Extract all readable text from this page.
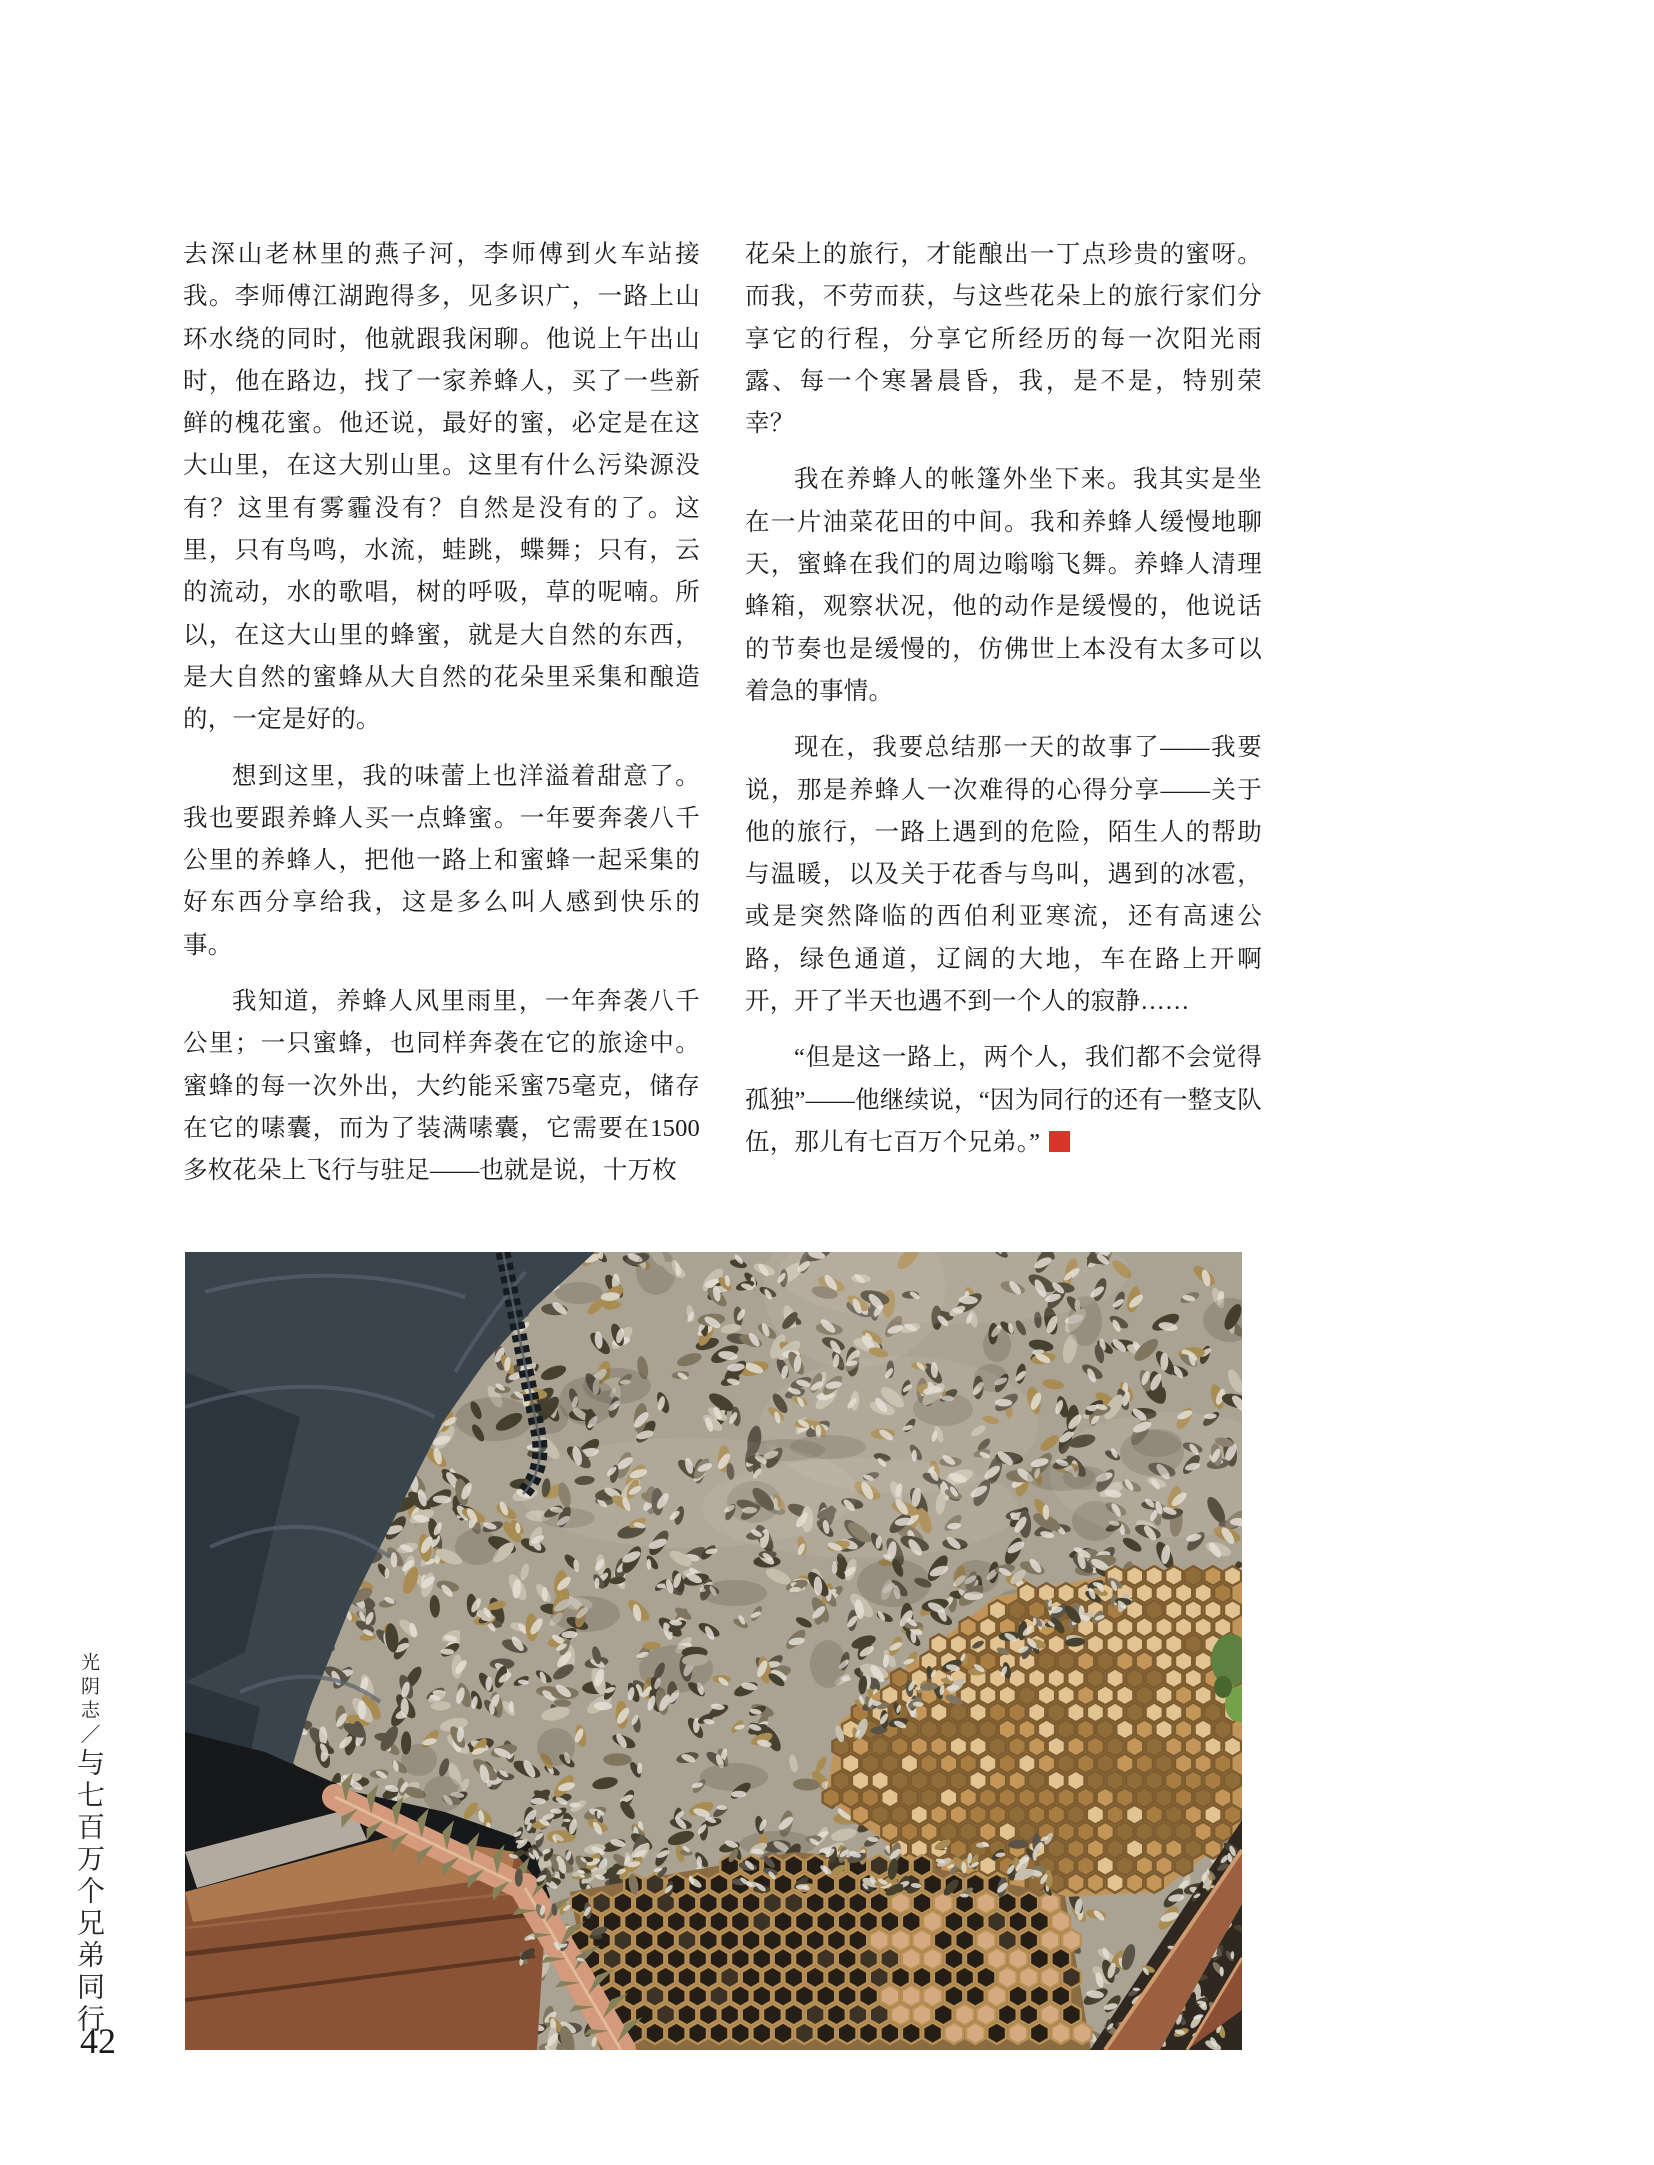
光阴志／与七百万个兄弟同行
42

去深山老林里的燕子河，李师傅到火车站接我。李师傅江湖跑得多，见多识广，一路上山环水绕的同时，他就跟我闲聊。他说上午出山时，他在路边，找了一家养蜂人，买了一些新鲜的槐花蜜。他还说，最好的蜜，必定是在这大山里，在这大别山里。这里有什么污染源没有？这里有雾霾没有？自然是没有的了。这里，只有鸟鸣，水流，蛙跳，蝶舞；只有，云的流动，水的歌唱，树的呼吸，草的呢喃。所以，在这大山里的蜂蜜，就是大自然的东西，是大自然的蜜蜂从大自然的花朵里采集和酿造的，一定是好的。

想到这里，我的味蕾上也洋溢着甜意了。我也要跟养蜂人买一点蜂蜜。一年要奔袭八千公里的养蜂人，把他一路上和蜜蜂一起采集的好东西分享给我，这是多么叫人感到快乐的事。

我知道，养蜂人风里雨里，一年奔袭八千公里；一只蜜蜂，也同样奔袭在它的旅途中。蜜蜂的每一次外出，大约能采蜜75毫克，储存在它的嗉囊，而为了装满嗉囊，它需要在1500多枚花朵上飞行与驻足——也就是说，十万枚

花朵上的旅行，才能酿出一丁点珍贵的蜜呀。而我，不劳而获，与这些花朵上的旅行家们分享它的行程，分享它所经历的每一次阳光雨露、每一个寒暑晨昏，我，是不是，特别荣幸？

我在养蜂人的帐篷外坐下来。我其实是坐在一片油菜花田的中间。我和养蜂人缓慢地聊天，蜜蜂在我们的周边嗡嗡飞舞。养蜂人清理蜂箱，观察状况，他的动作是缓慢的，他说话的节奏也是缓慢的，仿佛世上本没有太多可以着急的事情。

现在，我要总结那一天的故事了——我要说，那是养蜂人一次难得的心得分享——关于他的旅行，一路上遇到的危险，陌生人的帮助与温暖，以及关于花香与鸟叫，遇到的冰雹，或是突然降临的西伯利亚寒流，还有高速公路，绿色通道，辽阔的大地，车在路上开啊开，开了半天也遇不到一个人的寂静……

“但是这一路上，两个人，我们都不会觉得孤独”——他继续说，“因为同行的还有一整支队伍，那儿有七百万个兄弟。”
